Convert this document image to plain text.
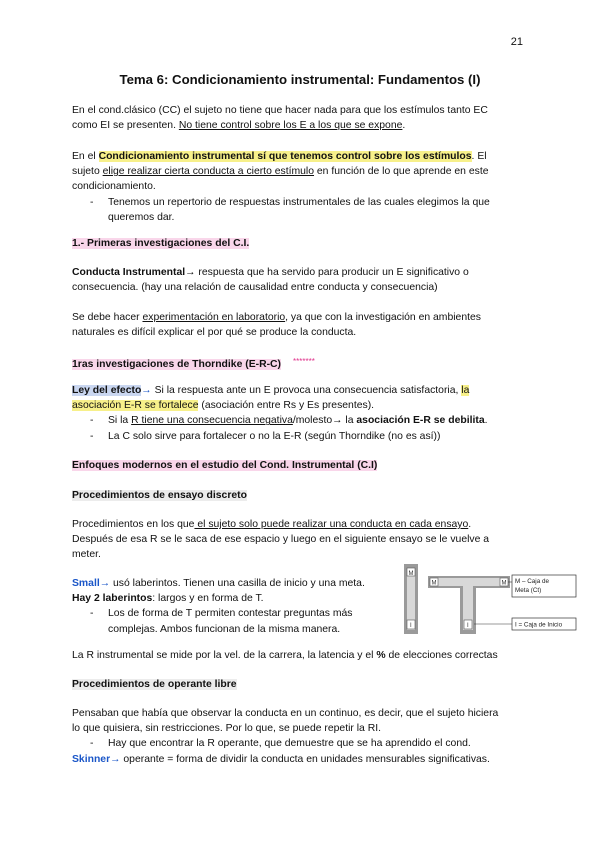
21
Tema 6: Condicionamiento instrumental: Fundamentos (I)

En el cond.clásico (CC) el sujeto no tiene que hacer nada para que los estímulos tanto EC

como EI se presenten. No tiene control sobre los E a los que se expone.

En el Condicionamiento instrumental sí que tenemos control sobre los estímulos. El

sujeto elige realizar cierta conducta a cierto estímulo en función de lo que aprende en este

condicionamiento.

- Tenemos un repertorio de respuestas instrumentales de las cuales elegimos la que
queremos dar.

1.- Primeras investigaciones del C.I.

Conducta Instrumental→ respuesta que ha servido para producir un E significativo o

consecuencia. (hay una relación de causalidad entre conducta y consecuencia)

Se debe hacer experimentación en laboratorio, ya que con la investigación en ambientes

naturales es difícil explicar el por qué se produce la conducta.

1ras investigaciones de Thorndike (E-R-C) *******

Ley del efecto→ Si la respuesta ante un E provoca una consecuencia satisfactoria, la

asociación E-R se fortalece (asociación entre Rs y Es presentes).

- Si la R tiene una consecuencia negativa/molesto→ la asociación E-R se debilita.

- La C solo sirve para fortalecer o no la E-R (según Thorndike (no es así))

Enfoques modernos en el estudio del Cond. Instrumental (C.I)
Procedimientos de ensayo discreto

Procedimientos en los que el sujeto solo puede realizar una conducta en cada ensayo.

Después de esa R se le saca de ese espacio y luego en el siguiente ensayo se le vuelve a

meter.

Small→ usó laberintos. Tienen una casilla de inicio y una meta.

Hay 2 laberintos: largos y en forma de T.

- Los de forma de T permiten contestar preguntas más
complejas. Ambos funcionan de la misma manera.

M
I
M	M
I
M – Caja de
Meta (Ct)
I = Caja de Inicio

La R instrumental se mide por la vel. de la carrera, la latencia y el % de elecciones correctas

Procedimientos de operante libre

Pensaban que había que observar la conducta en un continuo, es decir, que el sujeto hiciera

lo que quisiera, sin restricciones. Por lo que, se puede repetir la RI.

- Hay que encontrar la R operante, que demuestre que se ha aprendido el cond.

Skinner→ operante = forma de dividir la conducta en unidades mensurables significativas.
